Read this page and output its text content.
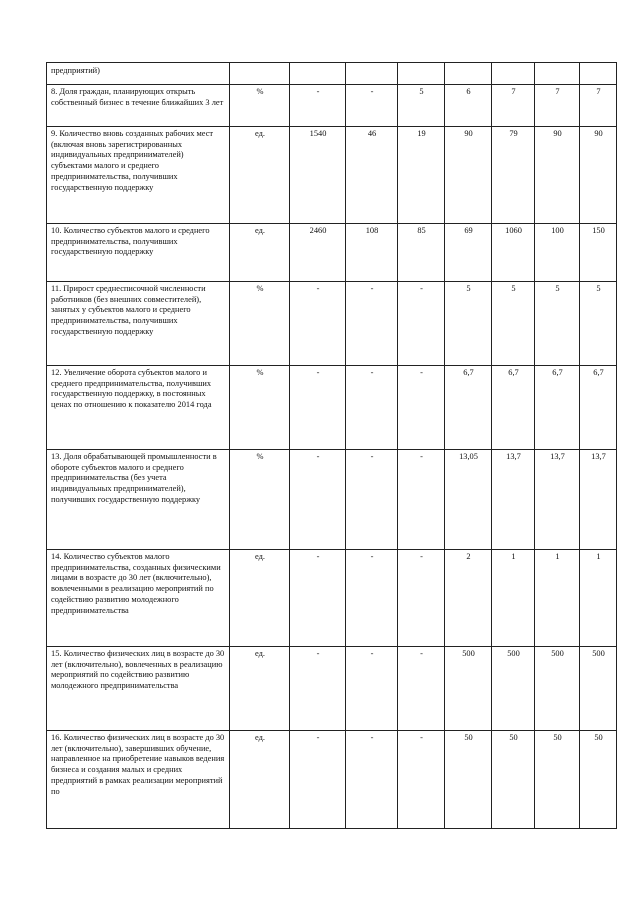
предприятий)								
8. Доля граждан, планирующих открыть собственный бизнес в течение ближайших 3 лет	%	-	-	5	6	7	7	7
9. Количество вновь созданных рабочих мест (включая вновь зарегистрированных индивидуальных предпринимателей) субъектами малого и среднего предпринимательства, получивших государственную поддержку	ед.	1540	46	19	90	79	90	90
10. Количество субъектов малого и среднего предпринимательства, получивших государственную поддержку	ед.	2460	108	85	69	1060	100	150
11. Прирост среднесписочной численности работников (без внешних совместителей), занятых у субъектов малого и среднего предпринимательства, получивших государственную поддержку	%	-	-	-	5	5	5	5
12. Увеличение оборота субъектов малого и среднего предпринимательства, получивших государственную поддержку, в постоянных ценах по отношению к показателю 2014 года	%	-	-	-	6,7	6,7	6,7	6,7
13. Доля обрабатывающей промышленности в обороте субъектов малого и среднего предпринимательства (без учета индивидуальных предпринимателей), получивших государственную поддержку	%	-	-	-	13,05	13,7	13,7	13,7
14. Количество субъектов малого предпринимательства, созданных физическими лицами в возрасте до 30 лет (включительно), вовлеченными в реализацию мероприятий по содействию развитию молодежного предпринимательства	ед.	-	-	-	2	1	1	1
15. Количество физических лиц в возрасте до 30 лет (включительно), вовлеченных в реализацию мероприятий по содействию развитию молодежного предпринимательства	ед.	-	-	-	500	500	500	500
16. Количество физических лиц в возрасте до 30 лет (включительно), завершивших обучение, направленное на приобретение навыков ведения бизнеса и создания малых и средних предприятий в рамках реализации мероприятий по	ед.	-	-	-	50	50	50	50
